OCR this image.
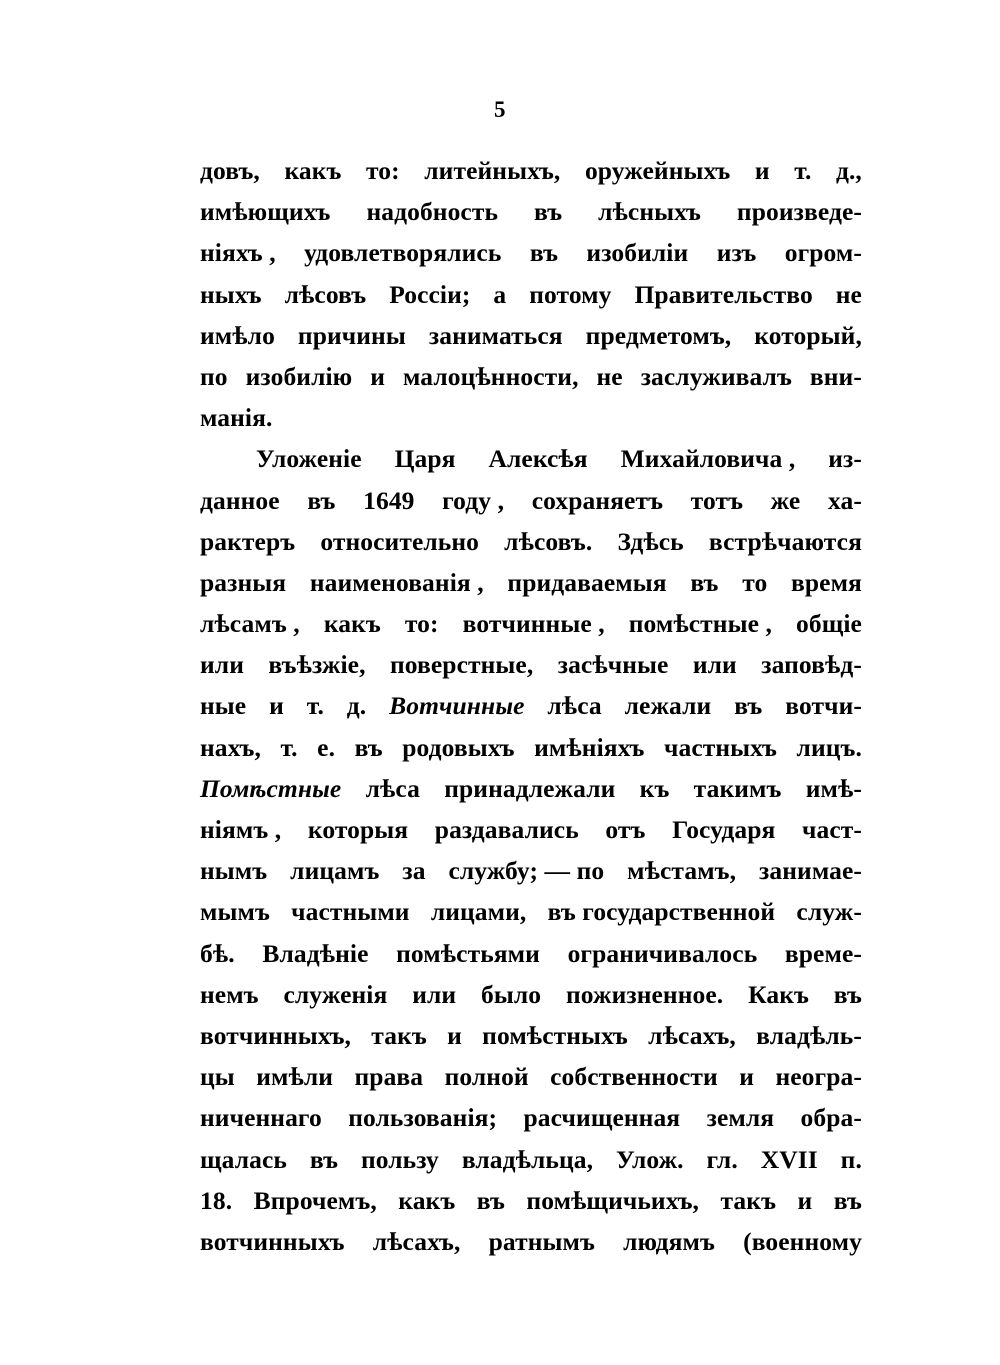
5
довъ, какъ то: литейныхъ, оружейныхъ и т. д.,
имѣющихъ надобность въ лѣсныхъ произведе-
ніяхъ , удовлетворялись въ изобиліи изъ огром-
ныхъ лѣсовъ Россіи; а потому Правительство не
имѣло причины заниматься предметомъ, который,
по изобилію и малоцѣнности, не заслуживалъ вни-
манія.
Уложеніе Царя Алексѣя Михайловича , из-
данное въ 1649 году , сохраняетъ тотъ же ха-
рактеръ относительно лѣсовъ. Здѣсь встрѣчаются
разныя наименованія , придаваемыя въ то время
лѣсамъ , какъ то: вотчинные , помѣстные , общіе
или въѣзжіе, поверстные, засѣчные или заповѣд-
ные и т. д. Вотчинные лѣса лежали въ вотчи-
нахъ, т. е. въ родовыхъ имѣніяхъ частныхъ лицъ.
Помѣстные лѣса принадлежали къ такимъ имѣ-
ніямъ , которыя раздавались отъ Государя част-
нымъ лицамъ за службу; — по мѣстамъ, занимае-
мымъ частными лицами, въ государственной служ-
бѣ. Владѣніе помѣстьями ограничивалось време-
немъ служенія или было пожизненное. Какъ въ
вотчинныхъ, такъ и помѣстныхъ лѣсахъ, владѣль-
цы имѣли права полной собственности и неогра-
ниченнаго пользованія; расчищенная земля обра-
щалась въ пользу владѣльца, Улож. гл. XVII п.
18. Впрочемъ, какъ въ помѣщичьихъ, такъ и въ
вотчинныхъ лѣсахъ, ратнымъ людямъ (военному
